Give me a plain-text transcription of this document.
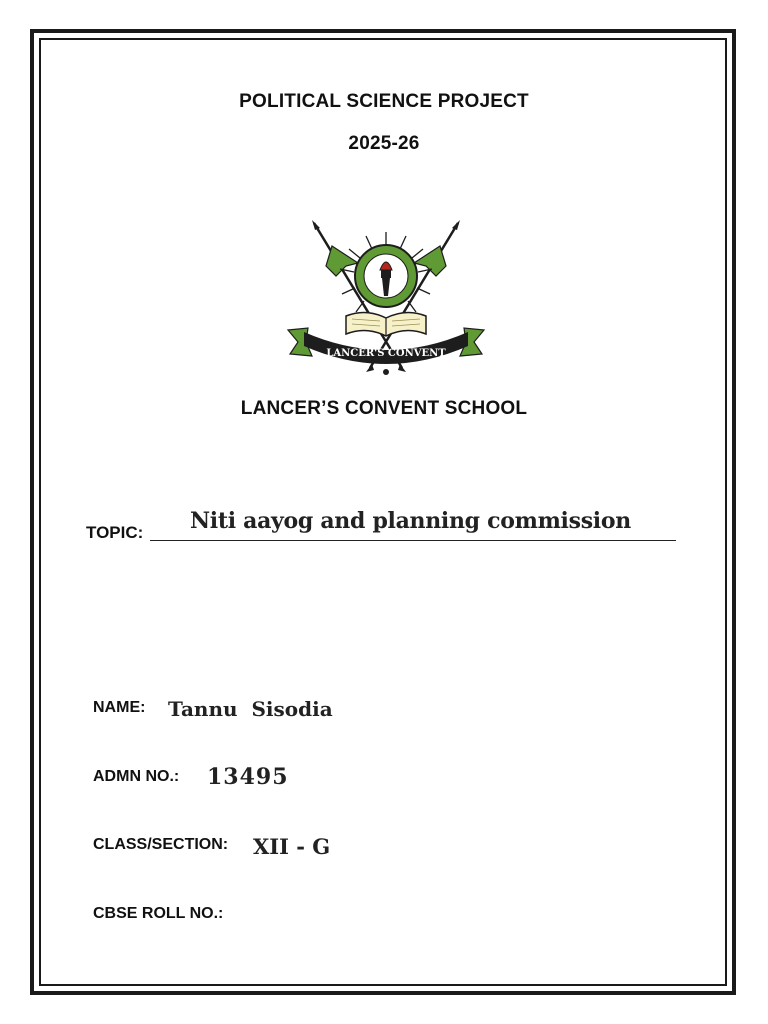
POLITICAL SCIENCE PROJECT
2025-26
LANCER'S CONVENT
LANCER’S CONVENT SCHOOL
TOPIC: Niti aayog and planning commission
NAME: Tannu  Sisodia
ADMN NO.: 13495
CLASS/SECTION: XII - G
CBSE ROLL NO.:
